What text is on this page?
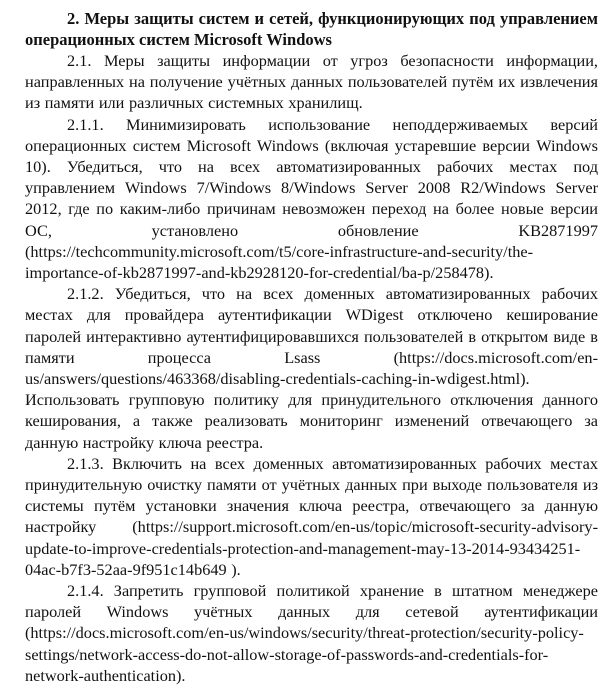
2. Меры защиты систем и сетей, функционирующих под управлением операционных систем Microsoft Windows

2.1. Меры защиты информации от угроз безопасности информации, направленных на получение учётных данных пользователей путём их извлечения из памяти или различных системных хранилищ.

2.1.1. Минимизировать использование неподдерживаемых версий операционных систем Microsoft Windows (включая устаревшие версии Windows 10). Убедиться, что на всех автоматизированных рабочих местах под управлением Windows 7/Windows 8/Windows Server 2008 R2/Windows Server 2012, где по каким-либо причинам невозможен переход на более новые версии ОС, установлено обновление KB2871997 (https://techcommunity.microsoft.com/t5/core-infrastructure-and-security/the-importance-of-kb2871997-and-kb2928120-for-credential/ba-p/258478).

2.1.2. Убедиться, что на всех доменных автоматизированных рабочих местах для провайдера аутентификации WDigest отключено кеширование паролей интерактивно аутентифицировавшихся пользователей в открытом виде в памяти процесса Lsass (https://docs.microsoft.com/en-us/answers/questions/463368/disabling-credentials-caching-in-wdigest.html). Использовать групповую политику для принудительного отключения данного кеширования, а также реализовать мониторинг изменений отвечающего за данную настройку ключа реестра.

2.1.3. Включить на всех доменных автоматизированных рабочих местах принудительную очистку памяти от учётных данных при выходе пользователя из системы путём установки значения ключа реестра, отвечающего за данную настройку (https://support.microsoft.com/en-us/topic/microsoft-security-advisory-update-to-improve-credentials-protection-and-management-may-13-2014-93434251-04ac-b7f3-52aa-9f951c14b649 ).

2.1.4. Запретить групповой политикой хранение в штатном менеджере паролей Windows учётных данных для сетевой аутентификации (https://docs.microsoft.com/en-us/windows/security/threat-protection/security-policy-settings/network-access-do-not-allow-storage-of-passwords-and-credentials-for-network-authentication).
